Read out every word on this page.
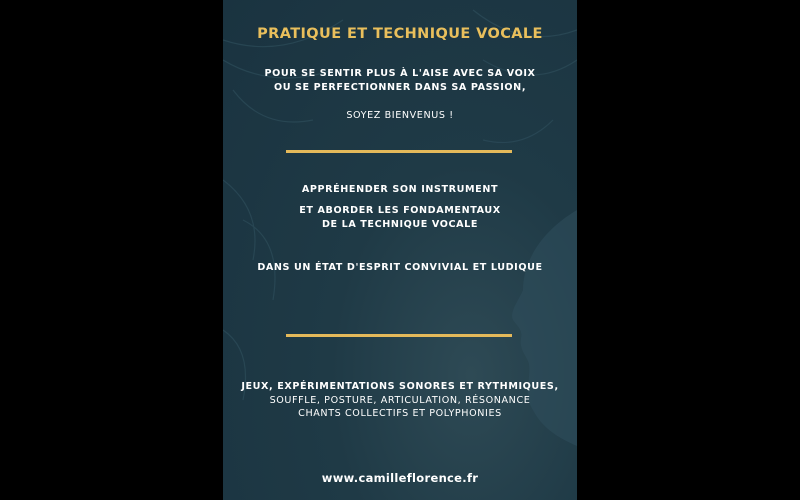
PRATIQUE ET TECHNIQUE VOCALE

POUR SE SENTIR PLUS À L'AISE AVEC SA VOIX

OU SE PERFECTIONNER DANS SA PASSION,

SOYEZ BIENVENUS !

APPRÉHENDER SON INSTRUMENT

ET ABORDER LES FONDAMENTAUX

DE LA TECHNIQUE VOCALE

DANS UN ÉTAT D'ESPRIT CONVIVIAL ET LUDIQUE

JEUX, EXPÉRIMENTATIONS SONORES ET RYTHMIQUES,

SOUFFLE, POSTURE, ARTICULATION, RÉSONANCE

CHANTS COLLECTIFS ET POLYPHONIES

www.camilleflorence.fr
